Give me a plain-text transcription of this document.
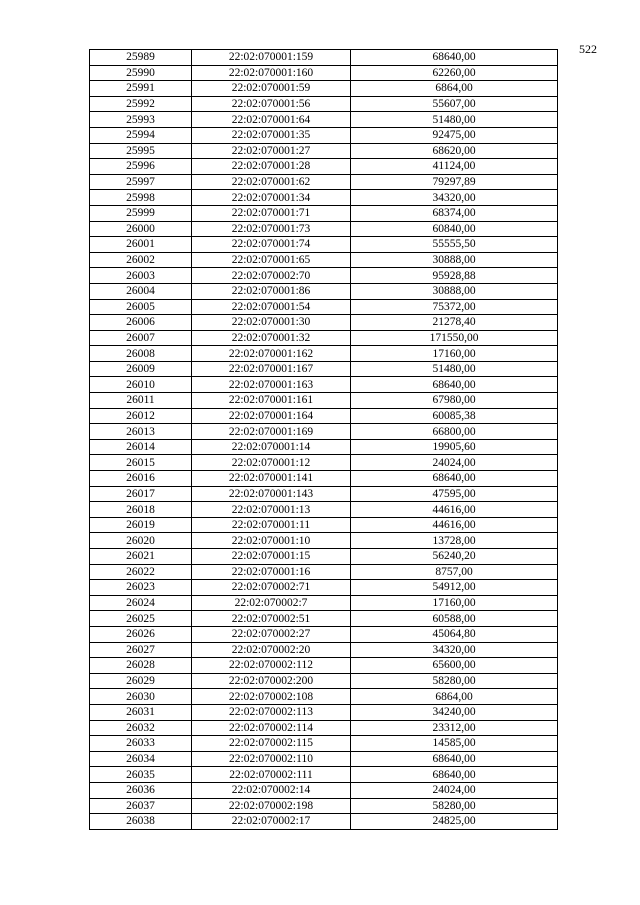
522
25989	22:02:070001:159	68640,00
25990	22:02:070001:160	62260,00
25991	22:02:070001:59	6864,00
25992	22:02:070001:56	55607,00
25993	22:02:070001:64	51480,00
25994	22:02:070001:35	92475,00
25995	22:02:070001:27	68620,00
25996	22:02:070001:28	41124,00
25997	22:02:070001:62	79297,89
25998	22:02:070001:34	34320,00
25999	22:02:070001:71	68374,00
26000	22:02:070001:73	60840,00
26001	22:02:070001:74	55555,50
26002	22:02:070001:65	30888,00
26003	22:02:070002:70	95928,88
26004	22:02:070001:86	30888,00
26005	22:02:070001:54	75372,00
26006	22:02:070001:30	21278,40
26007	22:02:070001:32	171550,00
26008	22:02:070001:162	17160,00
26009	22:02:070001:167	51480,00
26010	22:02:070001:163	68640,00
26011	22:02:070001:161	67980,00
26012	22:02:070001:164	60085,38
26013	22:02:070001:169	66800,00
26014	22:02:070001:14	19905,60
26015	22:02:070001:12	24024,00
26016	22:02:070001:141	68640,00
26017	22:02:070001:143	47595,00
26018	22:02:070001:13	44616,00
26019	22:02:070001:11	44616,00
26020	22:02:070001:10	13728,00
26021	22:02:070001:15	56240,20
26022	22:02:070001:16	8757,00
26023	22:02:070002:71	54912,00
26024	22:02:070002:7	17160,00
26025	22:02:070002:51	60588,00
26026	22:02:070002:27	45064,80
26027	22:02:070002:20	34320,00
26028	22:02:070002:112	65600,00
26029	22:02:070002:200	58280,00
26030	22:02:070002:108	6864,00
26031	22:02:070002:113	34240,00
26032	22:02:070002:114	23312,00
26033	22:02:070002:115	14585,00
26034	22:02:070002:110	68640,00
26035	22:02:070002:111	68640,00
26036	22:02:070002:14	24024,00
26037	22:02:070002:198	58280,00
26038	22:02:070002:17	24825,00
